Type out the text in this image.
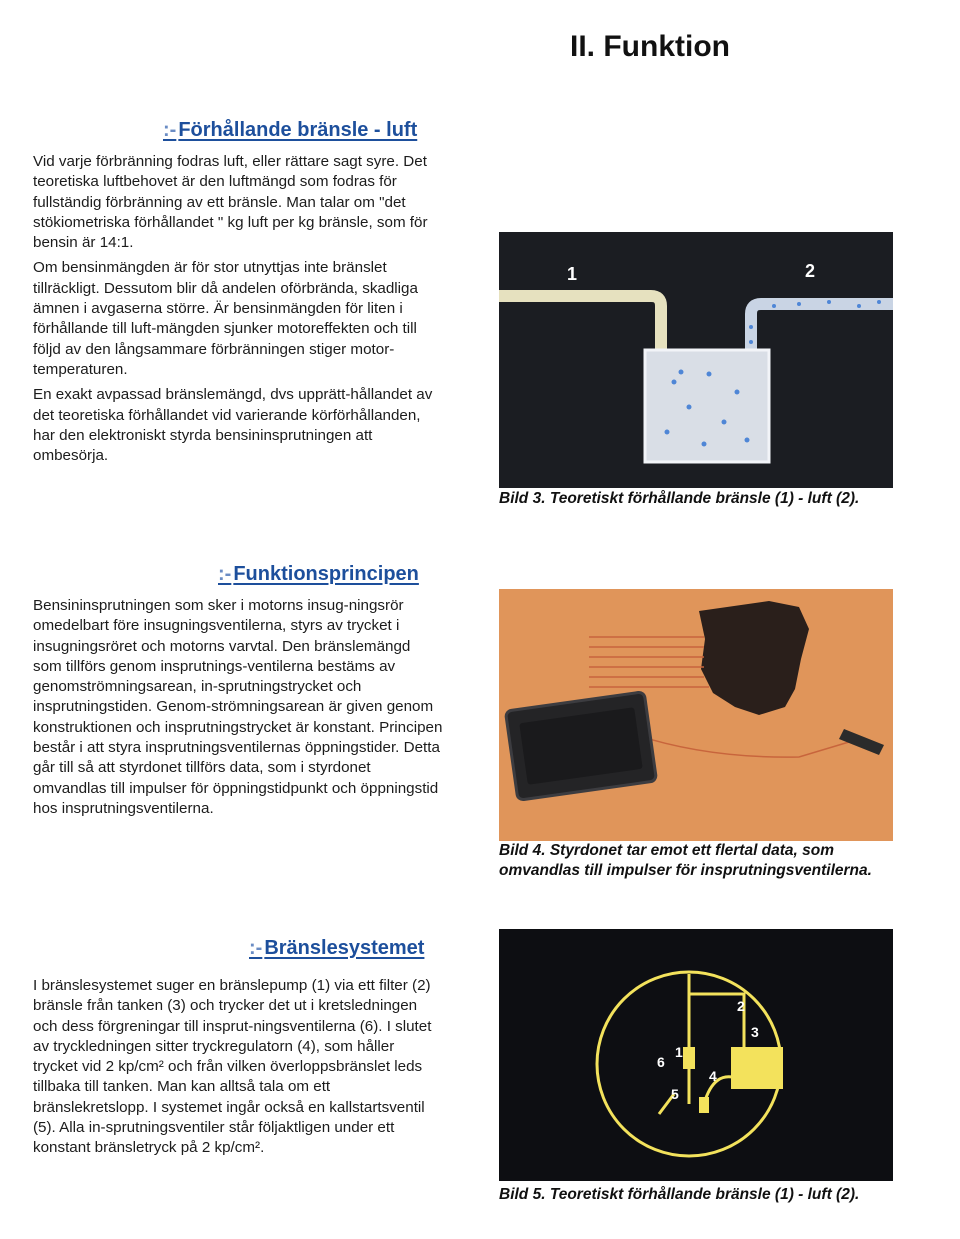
II. Funktion
:- Förhållande bränsle - luft

Vid varje förbränning fodras luft, eller rättare sagt syre. Det teoretiska luftbehovet är den luftmängd som fodras för fullständig förbränning av ett bränsle. Man talar om "det stökiometriska förhållandet " kg luft per kg bränsle, som för bensin är 14:1.

Om bensinmängden är för stor utnyttjas inte bränslet tillräckligt. Dessutom blir då andelen oförbrända, skadliga ämnen i avgaserna större. Är bensinmängden för liten i förhållande till luft-mängden sjunker motoreffekten och till följd av den långsammare förbränningen stiger motor-temperaturen.

En exakt avpassad bränslemängd, dvs upprätt-hållandet av det teoretiska förhållandet vid varierande körförhållanden, har den elektroniskt styrda bensininsprutningen att ombesörja.

1	2
Bild 3. Teoretiskt förhållande bränsle (1) - luft (2).
:- Funktionsprincipen

Bensininsprutningen som sker i motorns insug-ningsrör omedelbart före insugningsventilerna, styrs av trycket i insugningsröret och motorns varvtal. Den bränslemängd som tillförs genom insprutnings-ventilerna bestäms av genomströmningsarean, in-sprutningstrycket och insprutningstiden. Genom-strömningsarean är given genom konstruktionen och insprutningstrycket är konstant. Principen består i att styra insprutningsventilernas öppningstider. Detta går till så att styrdonet tillförs data, som i styrdonet omvandlas till impulser för öppningstidpunkt och öppningstid hos insprutningsventilerna.

Bild 4. Styrdonet tar emot ett flertal data, som omvandlas till impulser för insprutningsventilerna.
:- Bränslesystemet

I bränslesystemet suger en bränslepump (1) via ett filter (2) bränsle från tanken (3) och trycker det ut i kretsledningen och dess förgreningar till insprut-ningsventilerna (6). I slutet av tryckledningen sitter tryckregulatorn (4), som håller trycket vid 2 kp/cm² och från vilken överloppsbränslet leds tillbaka till tanken. Man kan alltså tala om ett bränslekretslopp. I systemet ingår också en kallstartsventil (5). Alla in-sprutningsventiler står följaktligen under ett konstant bränsletryck på 2 kp/cm².

1
2
3
4
5
6
Bild 5. Teoretiskt förhållande bränsle (1) - luft (2).
